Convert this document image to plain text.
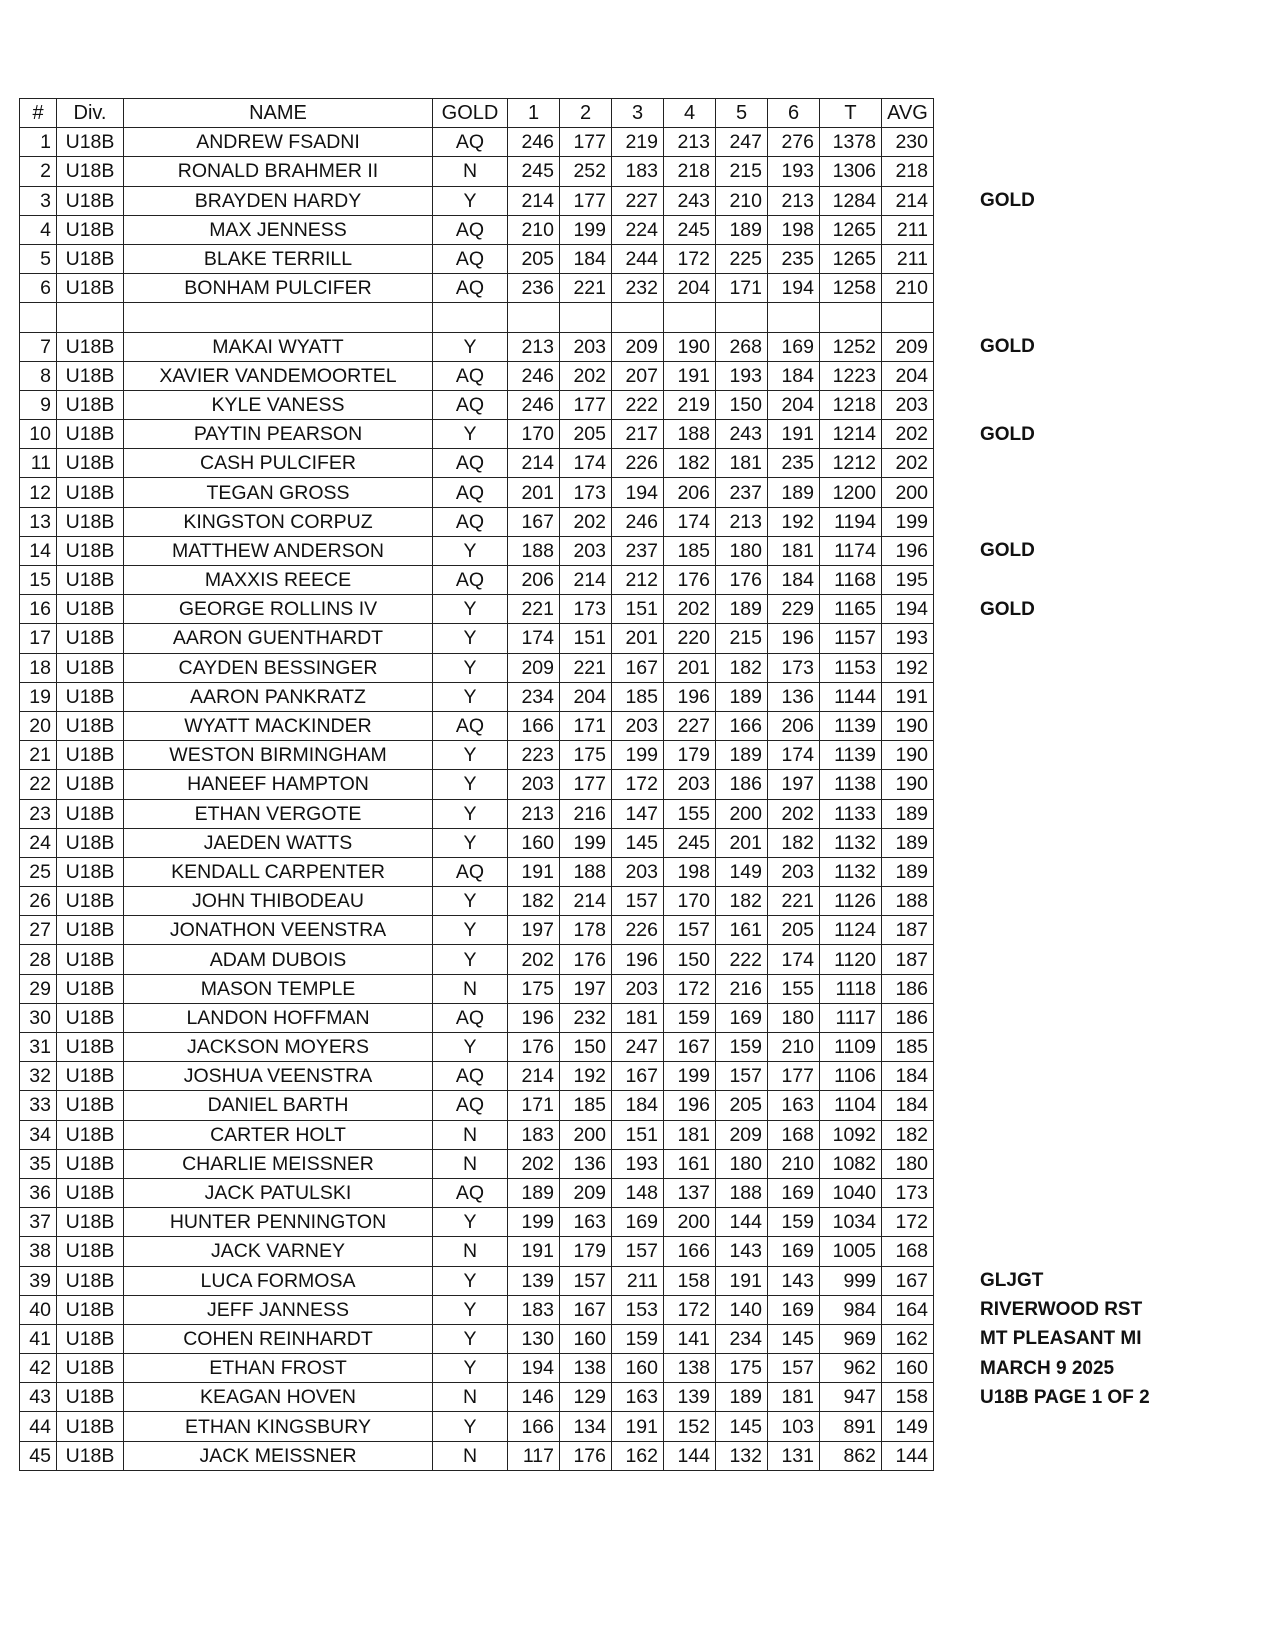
#	Div.	NAME	GOLD	1	2	3	4	5	6	T	AVG
1	U18B	ANDREW FSADNI	AQ	246	177	219	213	247	276	1378	230
2	U18B	RONALD BRAHMER II	N	245	252	183	218	215	193	1306	218
3	U18B	BRAYDEN HARDY	Y	214	177	227	243	210	213	1284	214
4	U18B	MAX JENNESS	AQ	210	199	224	245	189	198	1265	211
5	U18B	BLAKE TERRILL	AQ	205	184	244	172	225	235	1265	211
6	U18B	BONHAM PULCIFER	AQ	236	221	232	204	171	194	1258	210

7	U18B	MAKAI WYATT	Y	213	203	209	190	268	169	1252	209
8	U18B	XAVIER VANDEMOORTEL	AQ	246	202	207	191	193	184	1223	204
9	U18B	KYLE VANESS	AQ	246	177	222	219	150	204	1218	203
10	U18B	PAYTIN PEARSON	Y	170	205	217	188	243	191	1214	202
11	U18B	CASH PULCIFER	AQ	214	174	226	182	181	235	1212	202
12	U18B	TEGAN GROSS	AQ	201	173	194	206	237	189	1200	200
13	U18B	KINGSTON CORPUZ	AQ	167	202	246	174	213	192	1194	199
14	U18B	MATTHEW ANDERSON	Y	188	203	237	185	180	181	1174	196
15	U18B	MAXXIS REECE	AQ	206	214	212	176	176	184	1168	195
16	U18B	GEORGE ROLLINS IV	Y	221	173	151	202	189	229	1165	194
17	U18B	AARON GUENTHARDT	Y	174	151	201	220	215	196	1157	193
18	U18B	CAYDEN BESSINGER	Y	209	221	167	201	182	173	1153	192
19	U18B	AARON PANKRATZ	Y	234	204	185	196	189	136	1144	191
20	U18B	WYATT MACKINDER	AQ	166	171	203	227	166	206	1139	190
21	U18B	WESTON BIRMINGHAM	Y	223	175	199	179	189	174	1139	190
22	U18B	HANEEF HAMPTON	Y	203	177	172	203	186	197	1138	190
23	U18B	ETHAN VERGOTE	Y	213	216	147	155	200	202	1133	189
24	U18B	JAEDEN WATTS	Y	160	199	145	245	201	182	1132	189
25	U18B	KENDALL CARPENTER	AQ	191	188	203	198	149	203	1132	189
26	U18B	JOHN THIBODEAU	Y	182	214	157	170	182	221	1126	188
27	U18B	JONATHON VEENSTRA	Y	197	178	226	157	161	205	1124	187
28	U18B	ADAM DUBOIS	Y	202	176	196	150	222	174	1120	187
29	U18B	MASON TEMPLE	N	175	197	203	172	216	155	1118	186
30	U18B	LANDON HOFFMAN	AQ	196	232	181	159	169	180	1117	186
31	U18B	JACKSON MOYERS	Y	176	150	247	167	159	210	1109	185
32	U18B	JOSHUA VEENSTRA	AQ	214	192	167	199	157	177	1106	184
33	U18B	DANIEL BARTH	AQ	171	185	184	196	205	163	1104	184
34	U18B	CARTER HOLT	N	183	200	151	181	209	168	1092	182
35	U18B	CHARLIE MEISSNER	N	202	136	193	161	180	210	1082	180
36	U18B	JACK PATULSKI	AQ	189	209	148	137	188	169	1040	173
37	U18B	HUNTER PENNINGTON	Y	199	163	169	200	144	159	1034	172
38	U18B	JACK VARNEY	N	191	179	157	166	143	169	1005	168
39	U18B	LUCA FORMOSA	Y	139	157	211	158	191	143	999	167
40	U18B	JEFF JANNESS	Y	183	167	153	172	140	169	984	164
41	U18B	COHEN REINHARDT	Y	130	160	159	141	234	145	969	162
42	U18B	ETHAN FROST	Y	194	138	160	138	175	157	962	160
43	U18B	KEAGAN HOVEN	N	146	129	163	139	189	181	947	158
44	U18B	ETHAN KINGSBURY	Y	166	134	191	152	145	103	891	149
45	U18B	JACK MEISSNER	N	117	176	162	144	132	131	862	144
GOLD
GOLD
GOLD
GOLD
GOLD
GLJGT
RIVERWOOD RST
MT PLEASANT MI
MARCH 9 2025
U18B PAGE 1 OF 2
